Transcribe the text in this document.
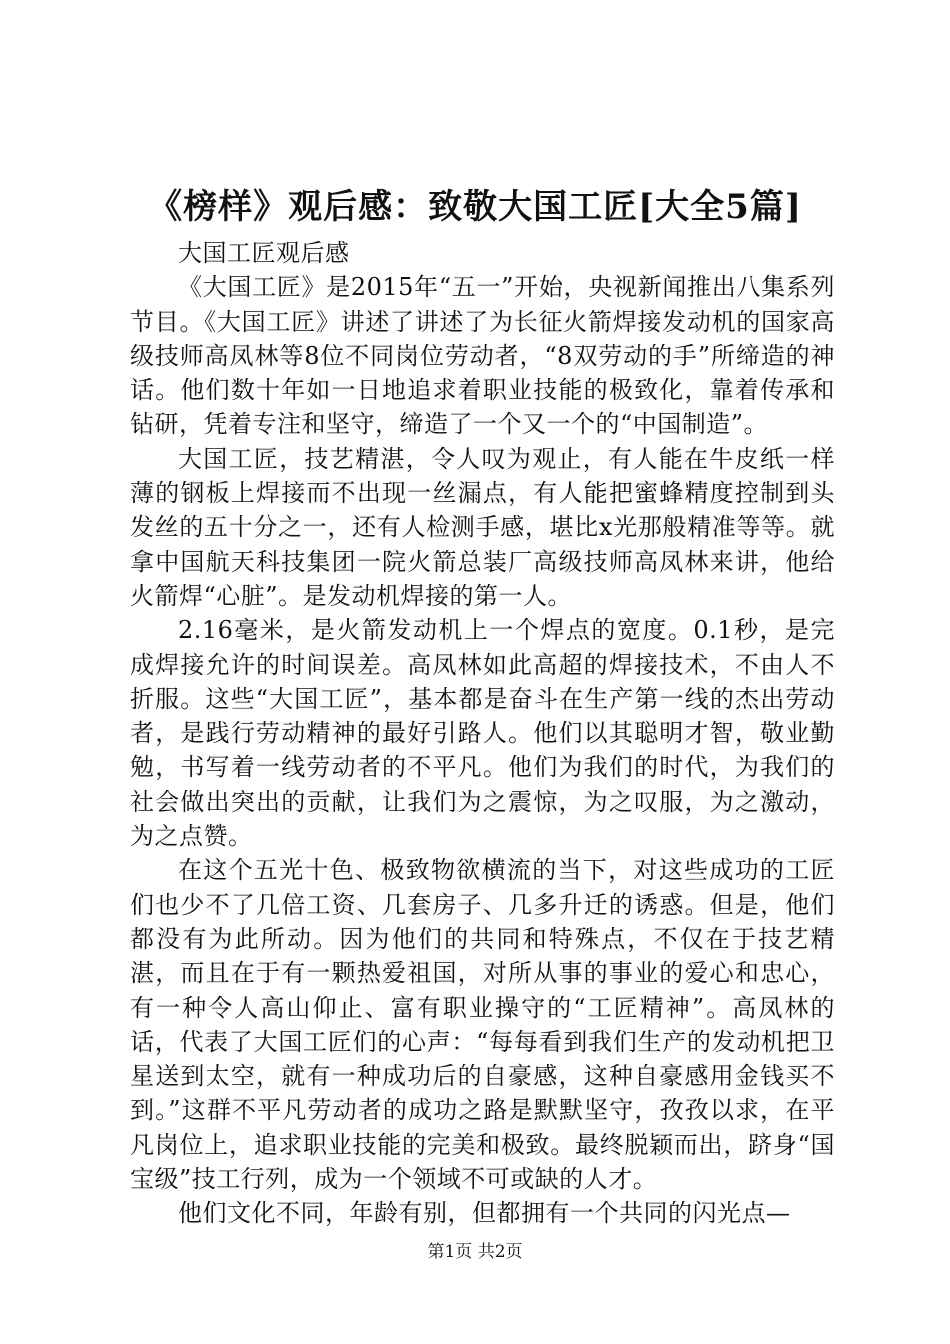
《榜样》观后感：致敬大国工匠[大全5篇]

大国工匠观后感

《大国工匠》是2015年“五一”开始，央视新闻推出八集系列节目。《大国工匠》讲述了讲述了为长征火箭焊接发动机的国家高级技师高凤林等8位不同岗位劳动者，“8双劳动的手”所缔造的神话。他们数十年如一日地追求着职业技能的极致化，靠着传承和钻研，凭着专注和坚守，缔造了一个又一个的“中国制造”。

大国工匠，技艺精湛，令人叹为观止，有人能在牛皮纸一样薄的钢板上焊接而不出现一丝漏点，有人能把蜜蜂精度控制到头发丝的五十分之一，还有人检测手感，堪比x光那般精准等等。就拿中国航天科技集团一院火箭总装厂高级技师高凤林来讲，他给火箭焊“心脏”。是发动机焊接的第一人。

2.16毫米，是火箭发动机上一个焊点的宽度。0.1秒，是完成焊接允许的时间误差。高凤林如此高超的焊接技术，不由人不折服。这些“大国工匠”，基本都是奋斗在生产第一线的杰出劳动者，是践行劳动精神的最好引路人。他们以其聪明才智，敬业勤勉，书写着一线劳动者的不平凡。他们为我们的时代，为我们的社会做出突出的贡献，让我们为之震惊，为之叹服，为之激动，为之点赞。

在这个五光十色、极致物欲横流的当下，对这些成功的工匠们也少不了几倍工资、几套房子、几多升迁的诱惑。但是，他们都没有为此所动。因为他们的共同和特殊点，不仅在于技艺精湛，而且在于有一颗热爱祖国，对所从事的事业的爱心和忠心，有一种令人高山仰止、富有职业操守的“工匠精神”。高凤林的话，代表了大国工匠们的心声：“每每看到我们生产的发动机把卫星送到太空，就有一种成功后的自豪感，这种自豪感用金钱买不到。”这群不平凡劳动者的成功之路是默默坚守，孜孜以求，在平凡岗位上，追求职业技能的完美和极致。最终脱颖而出，跻身“国宝级”技工行列，成为一个领域不可或缺的人才。

他们文化不同，年龄有别，但都拥有一个共同的闪光点—

第1页 共2页
